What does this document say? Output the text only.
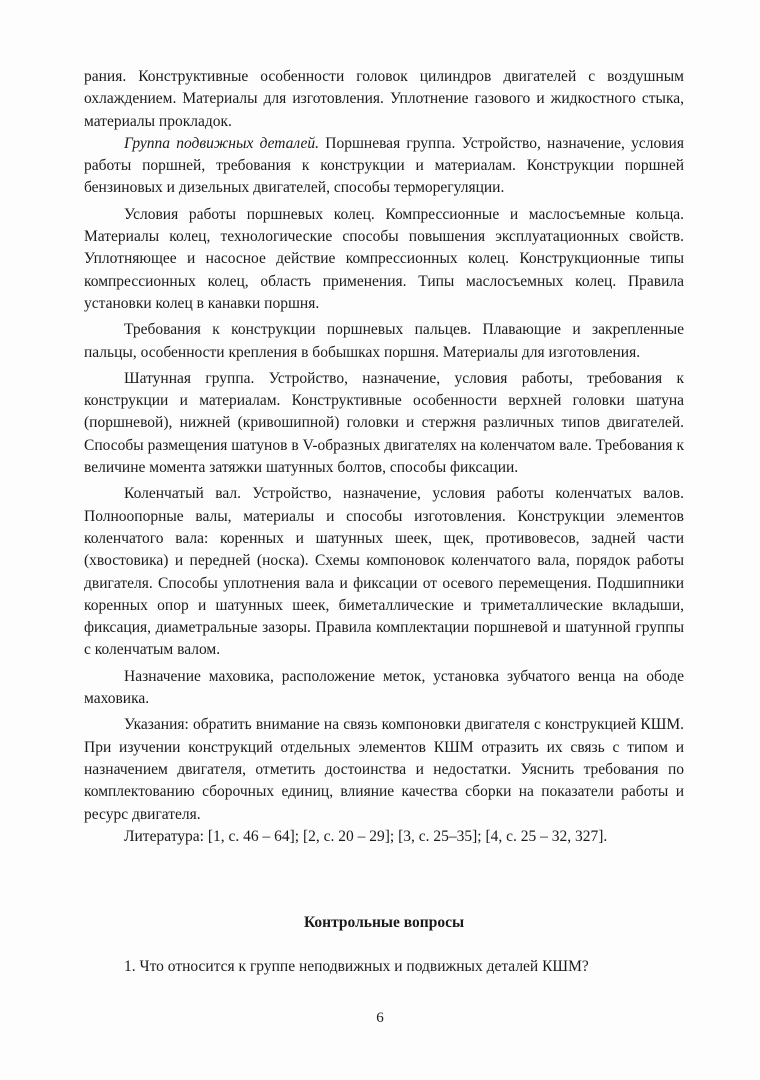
рания. Конструктивные особенности головок цилиндров двигателей с воздушным охлаждением. Материалы для изготовления. Уплотнение газового и жидкостного стыка, материалы прокладок.

Группа подвижных деталей. Поршневая группа. Устройство, назначение, условия работы поршней, требования к конструкции и материалам. Конструкции поршней бензиновых и дизельных двигателей, способы терморегуляции.

Условия работы поршневых колец. Компрессионные и маслосъемные кольца. Материалы колец, технологические способы повышения эксплуатационных свойств. Уплотняющее и насосное действие компрессионных колец. Конструкционные типы компрессионных колец, область применения. Типы маслосъемных колец. Правила установки колец в канавки поршня.

Требования к конструкции поршневых пальцев. Плавающие и закрепленные пальцы, особенности крепления в бобышках поршня. Материалы для изготовления.

Шатунная группа. Устройство, назначение, условия работы, требования к конструкции и материалам. Конструктивные особенности верхней головки шатуна (поршневой), нижней (кривошипной) головки и стержня различных типов двигателей. Способы размещения шатунов в V-образных двигателях на коленчатом вале. Требования к величине момента затяжки шатунных болтов, способы фиксации.

Коленчатый вал. Устройство, назначение, условия работы коленчатых валов. Полноопорные валы, материалы и способы изготовления. Конструкции элементов коленчатого вала: коренных и шатунных шеек, щек, противовесов, задней части (хвостовика) и передней (носка). Схемы компоновок коленчатого вала, порядок работы двигателя. Способы уплотнения вала и фиксации от осевого перемещения. Подшипники коренных опор и шатунных шеек, биметаллические и триметаллические вкладыши, фиксация, диаметральные зазоры. Правила комплектации поршневой и шатунной группы с коленчатым валом.

Назначение маховика, расположение меток, установка зубчатого венца на ободе маховика.

Указания: обратить внимание на связь компоновки двигателя с конструкцией КШМ. При изучении конструкций отдельных элементов КШМ отразить их связь с типом и назначением двигателя, отметить достоинства и недостатки. Уяснить требования по комплектованию сборочных единиц, влияние качества сборки на показатели работы и ресурс двигателя.

Литература: [1, с. 46 – 64]; [2, с. 20 – 29]; [3, с. 25–35]; [4, с. 25 – 32, 327].

Контрольные вопросы
1. Что относится к группе неподвижных и подвижных деталей КШМ?
6
